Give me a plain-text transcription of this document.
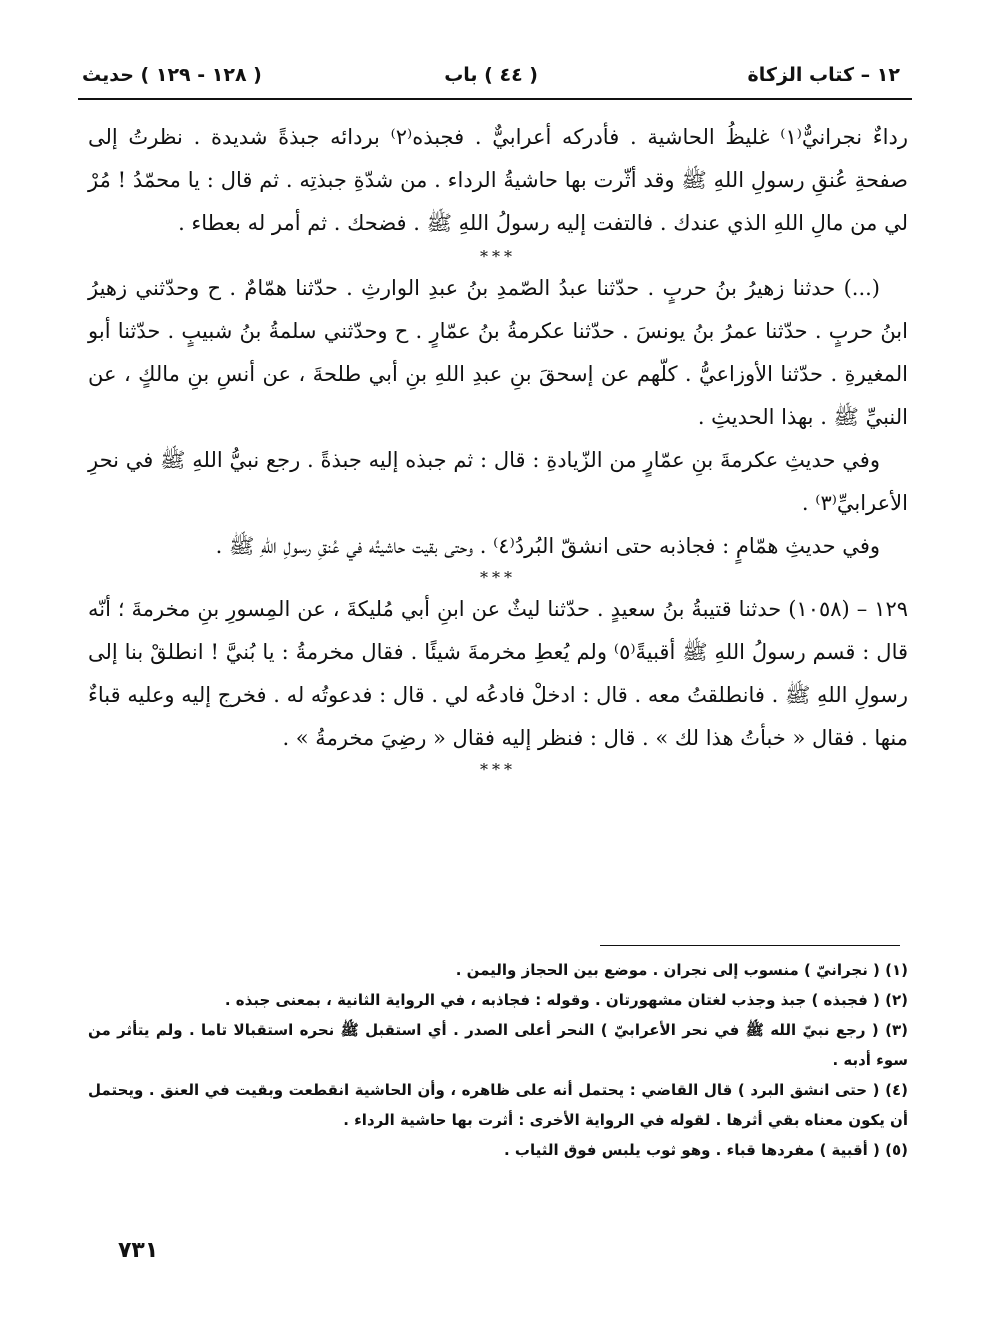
١٢ – كتاب الزكاة
( ٤٤ ) باب
( ١٢٨ - ١٢٩ ) حديث

رداءٌ نجرانيٌّ⁽١⁾ غليظُ الحاشية . فأدركه أعرابيٌّ . فجبذه⁽٢⁾ بردائه جبذةً شديدة . نظرتُ إلى صفحةِ عُنقِ رسولِ اللهِ ﷺ وقد أثّرت بها حاشيةُ الرداء . من شدّةِ جبذتِه . ثم قال : يا محمّدُ ! مُرْ لي من مالِ اللهِ الذي عندك . فالتفت إليه رسولُ اللهِ ﷺ . فضحك . ثم أمر له بعطاء .

***

(...) حدثنا زهيرُ بنُ حربٍ . حدّثنا عبدُ الصّمدِ بنُ عبدِ الوارثِ . حدّثنا همّامٌ . ح وحدّثني زهيرُ ابنُ حربٍ . حدّثنا عمرُ بنُ يونسَ . حدّثنا عكرمةُ بنُ عمّارٍ . ح وحدّثني سلمةُ بنُ شبيبٍ . حدّثنا أبو المغيرةِ . حدّثنا الأوزاعيُّ . كلّهم عن إسحقَ بنِ عبدِ اللهِ بنِ أبي طلحةَ ، عن أنسِ بنِ مالكٍ ، عن النبيِّ ﷺ . بهذا الحديثِ .

وفي حديثِ عكرمةَ بنِ عمّارٍ من الزّيادةِ : قال : ثم جبذه إليه جبذةً . رجع نبيُّ اللهِ ﷺ في نحرِ الأعرابيِّ⁽٣⁾ .

وفي حديثِ همّامٍ : فجاذبه حتى انشقّ البُردُ⁽٤⁾ . وحتى بقيت حاشيتُه في عُنقِ رسولِ اللهِ ﷺ .

***

١٢٩ – (١٠٥٨) حدثنا قتيبةُ بنُ سعيدٍ . حدّثنا ليثٌ عن ابنِ أبي مُليكةَ ، عن المِسورِ بنِ مخرمةَ ؛ أنّه قال : قسم رسولُ اللهِ ﷺ أقبيةً⁽٥⁾ ولم يُعطِ مخرمةَ شيئًا . فقال مخرمةُ : يا بُنيَّ ! انطلقْ بنا إلى رسولِ اللهِ ﷺ . فانطلقتُ معه . قال : ادخلْ فادعُه لي . قال : فدعوتُه له . فخرج إليه وعليه قباءٌ منها . فقال « خبأتُ هذا لك » . قال : فنظر إليه فقال « رضِيَ مخرمةُ » .

***

(١) ( نجرانيّ ) منسوب إلى نجران . موضع بين الحجاز واليمن .

(٢) ( فجبذه ) جبذ وجذب لغتان مشهورتان . وقوله : فجاذبه ، في الرواية الثانية ، بمعنى جبذه .

(٣) ( رجع نبيّ الله ﷺ في نحر الأعرابيّ ) النحر أعلى الصدر . أي استقبل ﷺ نحره استقبالا تاما . ولم يتأثر من سوء أدبه .

(٤) ( حتى انشق البرد ) قال القاضي : يحتمل أنه على ظاهره ، وأن الحاشية انقطعت وبقيت في العنق . ويحتمل أن يكون معناه بقي أثرها . لقوله في الرواية الأخرى : أثرت بها حاشية الرداء .

(٥) ( أقبية ) مفردها قباء . وهو ثوب يلبس فوق الثياب .

٧٣١
